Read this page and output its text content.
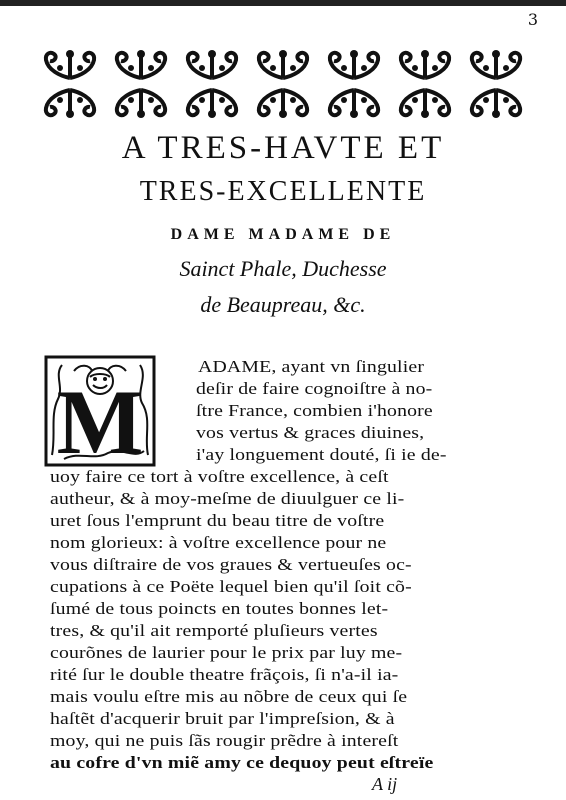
3
A TRES-HAVTE ET
TRES-EXCELLENTE
DAME MADAME DE
Sainct Phale, Duchesse
de Beaupreau, &c.
M
ADAME, ayant vn ſingulier
deſir de faire cognoiſtre à no-
ſtre France, combien i'honore
vos vertus & graces diuines,
i'ay longuement douté, ſi ie de-
uoy faire ce tort à voſtre excellence, à ceſt
autheur, & à moy-meſme de diuulguer ce li-
uret ſous l'emprunt du beau titre de voſtre
nom glorieux: à voſtre excellence pour ne
vous diſtraire de vos graues & vertueuſes oc-
cupations à ce Poëte lequel bien qu'il ſoit cõ-
ſumé de tous poincts en toutes bonnes let-
tres, & qu'il ait remporté pluſieurs vertes
courõnes de laurier pour le prix par luy me-
rité ſur le double theatre frãçois, ſi n'a-il ia-
mais voulu eſtre mis au nõbre de ceux qui ſe
haſtẽt d'acquerir bruit par l'impreſsion, & à
moy, qui ne puis ſãs rougir prẽdre à intereſt
au cofre d'vn miẽ amy ce dequoy peut eſtreïe
A ij
